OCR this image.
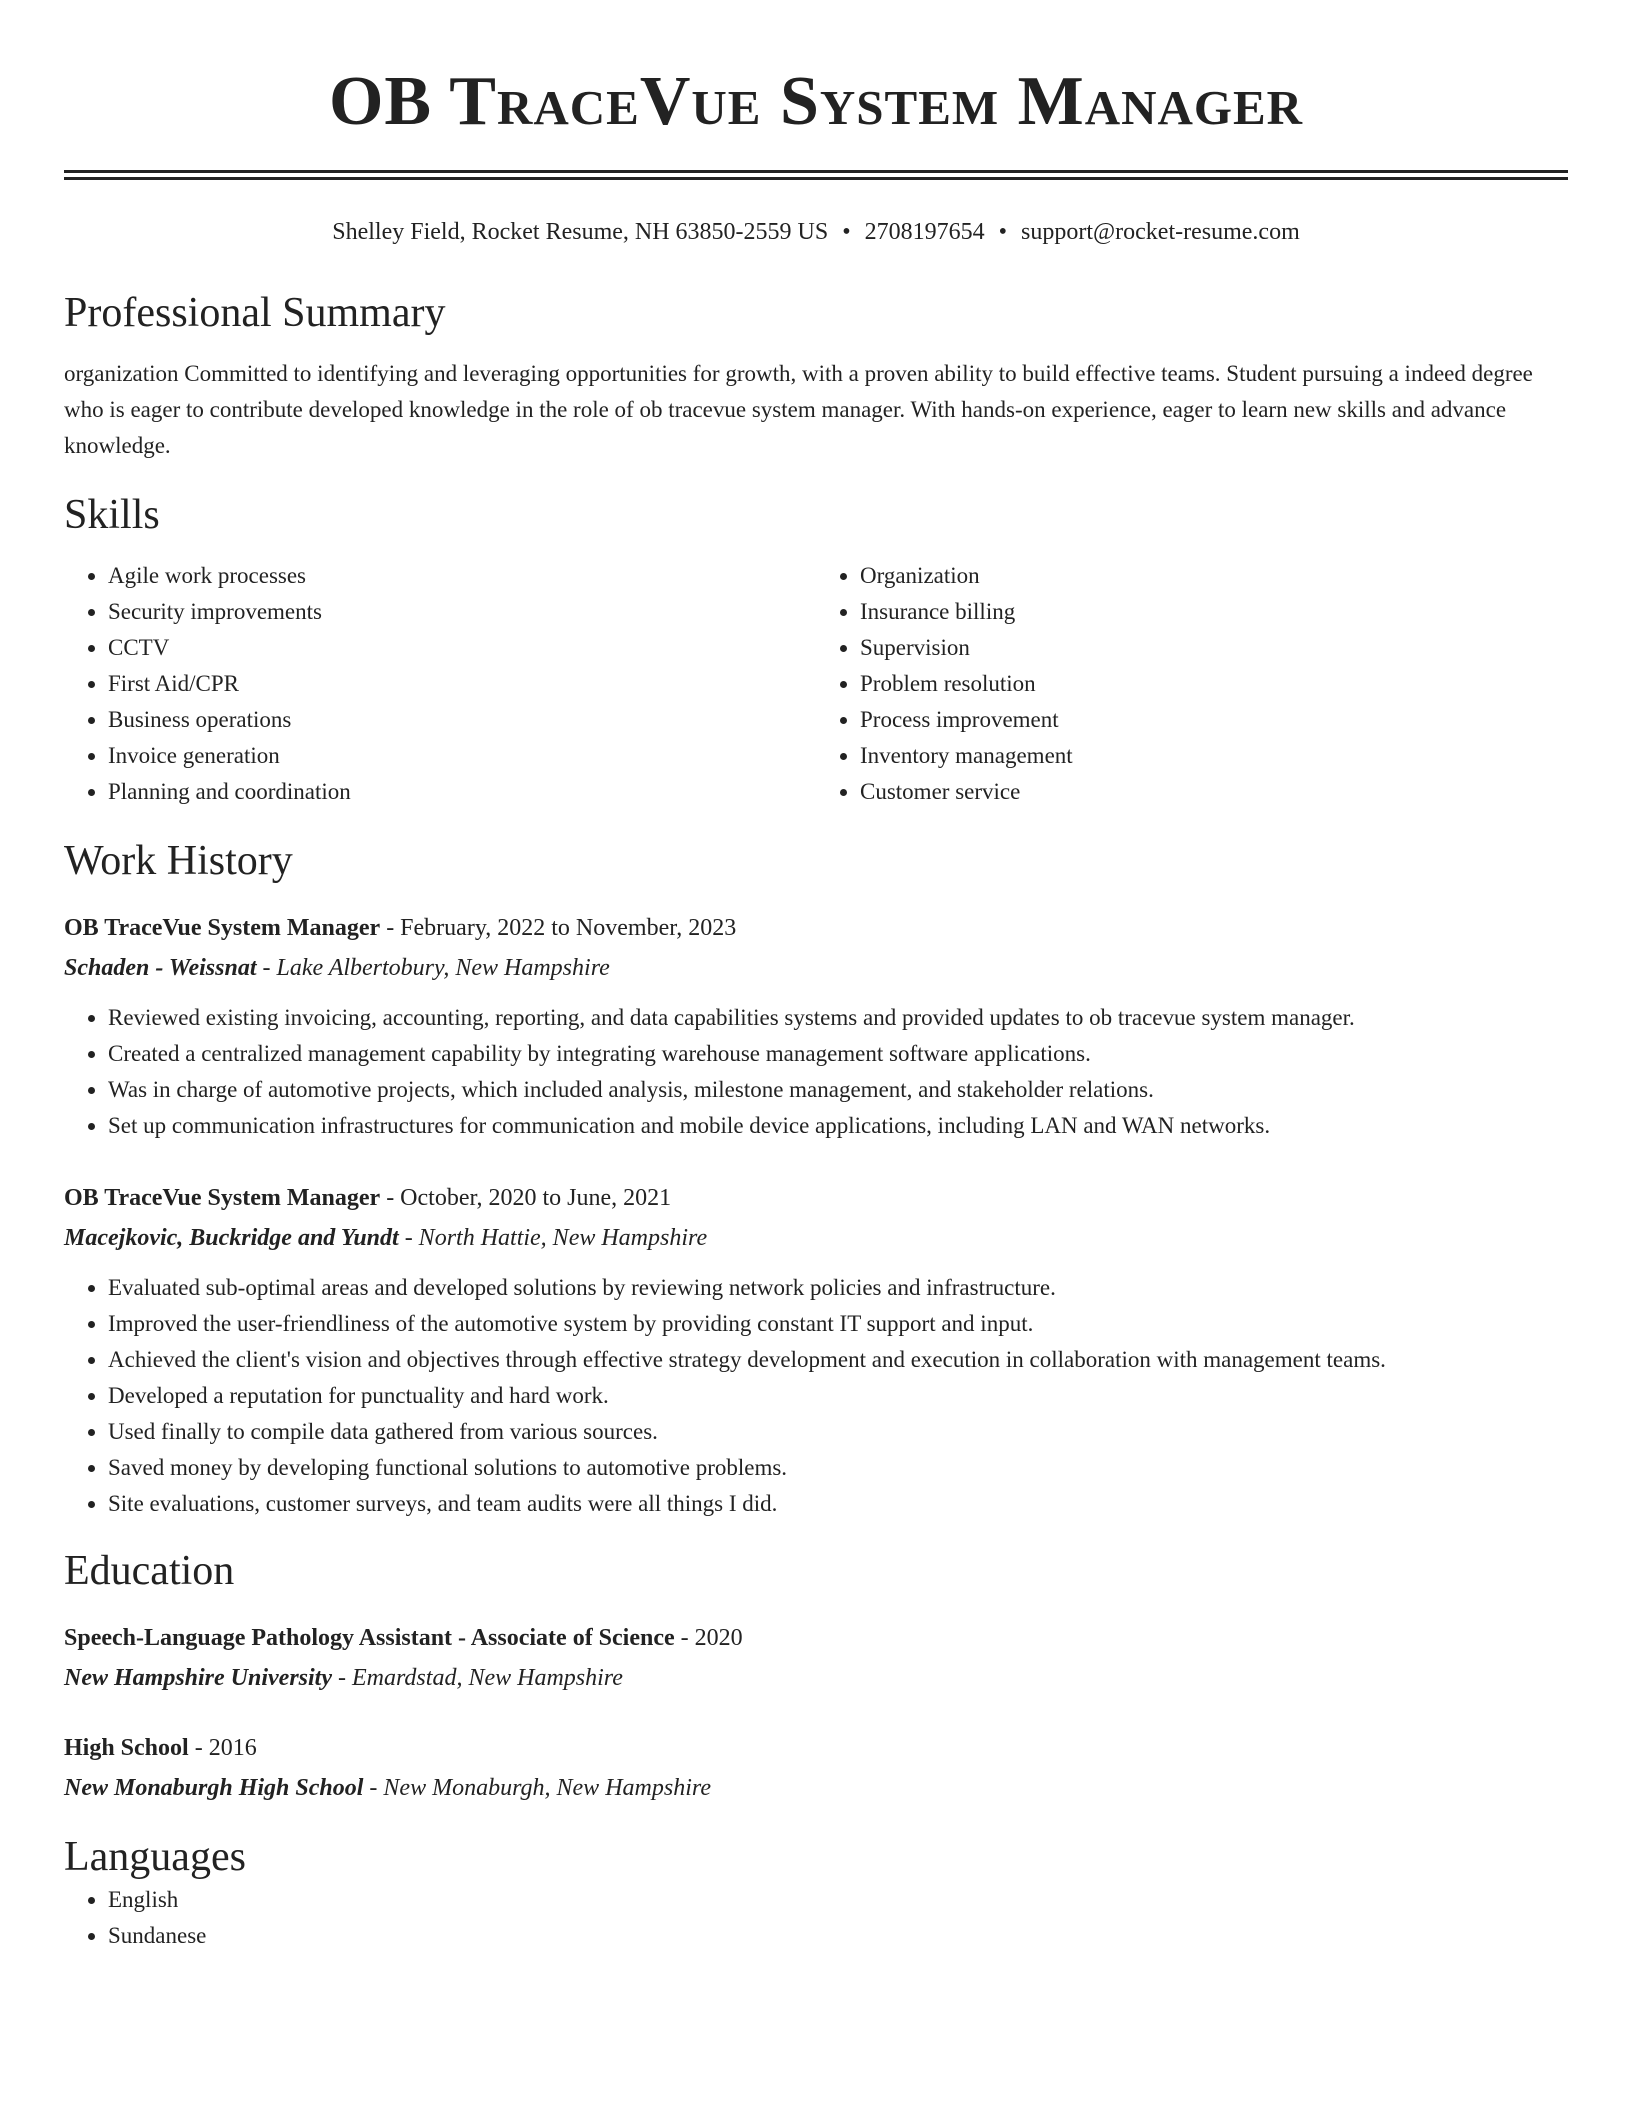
OB TraceVue System Manager
Shelley Field, Rocket Resume, NH 63850-2559 US • 2708197654 • support@rocket-resume.com
Professional Summary
organization Committed to identifying and leveraging opportunities for growth, with a proven ability to build effective teams. Student pursuing a indeed degree who is eager to contribute developed knowledge in the role of ob tracevue system manager. With hands-on experience, eager to learn new skills and advance knowledge.
Skills
• Agile work processes
• Security improvements
• CCTV
• First Aid/CPR
• Business operations
• Invoice generation
• Planning and coordination
• Organization
• Insurance billing
• Supervision
• Problem resolution
• Process improvement
• Inventory management
• Customer service
Work History
OB TraceVue System Manager - February, 2022 to November, 2023
Schaden - Weissnat - Lake Albertobury, New Hampshire
• Reviewed existing invoicing, accounting, reporting, and data capabilities systems and provided updates to ob tracevue system manager.
• Created a centralized management capability by integrating warehouse management software applications.
• Was in charge of automotive projects, which included analysis, milestone management, and stakeholder relations.
• Set up communication infrastructures for communication and mobile device applications, including LAN and WAN networks.
OB TraceVue System Manager - October, 2020 to June, 2021
Macejkovic, Buckridge and Yundt - North Hattie, New Hampshire
• Evaluated sub-optimal areas and developed solutions by reviewing network policies and infrastructure.
• Improved the user-friendliness of the automotive system by providing constant IT support and input.
• Achieved the client's vision and objectives through effective strategy development and execution in collaboration with management teams.
• Developed a reputation for punctuality and hard work.
• Used finally to compile data gathered from various sources.
• Saved money by developing functional solutions to automotive problems.
• Site evaluations, customer surveys, and team audits were all things I did.
Education
Speech-Language Pathology Assistant - Associate of Science - 2020
New Hampshire University - Emardstad, New Hampshire
High School - 2016
New Monaburgh High School - New Monaburgh, New Hampshire
Languages
• English
• Sundanese
